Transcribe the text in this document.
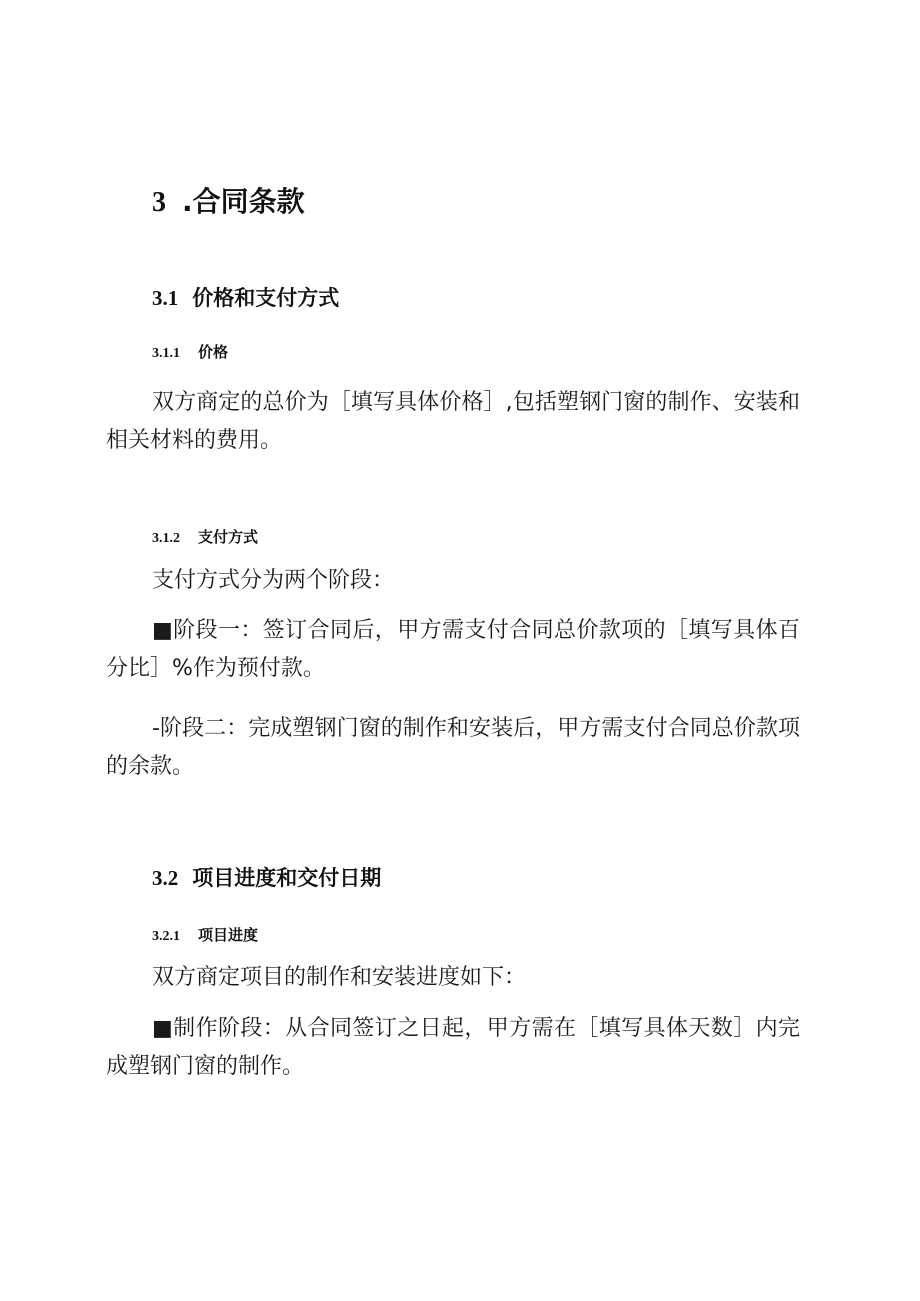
3 .合同条款
3.1 价格和支付方式
3.1.1 价格

双方商定的总价为［填写具体价格］,包括塑钢门窗的制作、安装和相关材料的费用。

3.1.2 支付方式

支付方式分为两个阶段：

■阶段一：签订合同后，甲方需支付合同总价款项的［填写具体百分比］%作为预付款。

-阶段二：完成塑钢门窗的制作和安装后，甲方需支付合同总价款项的余款。

3.2 项目进度和交付日期
3.2.1 项目进度

双方商定项目的制作和安装进度如下：

■制作阶段：从合同签订之日起，甲方需在［填写具体天数］内完成塑钢门窗的制作。
